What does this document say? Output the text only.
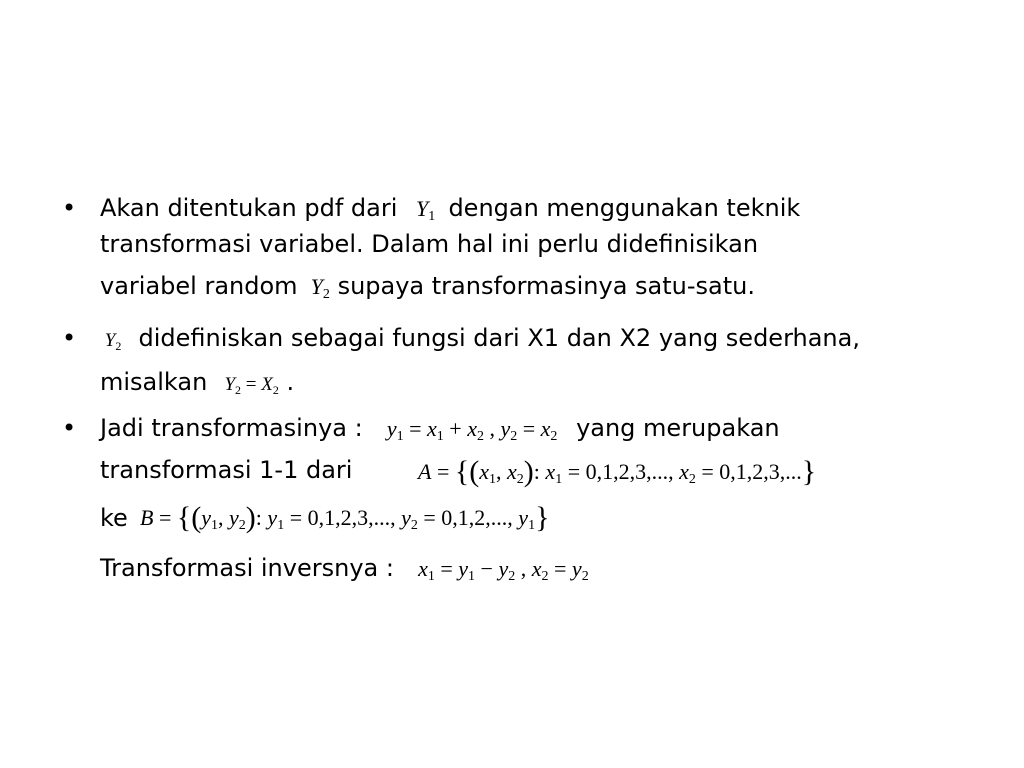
• Akan ditentukan pdf dari $Y_1$ dengan menggunakan teknik
transformasi variabel. Dalam hal ini perlu didefinisikan
variabel random $Y_2$ supaya transformasinya satu-satu.
• $Y_2$ didefiniskan sebagai fungsi dari X1 dan X2 yang sederhana,
misalkan $Y_2 = X_2$ .
• Jadi transformasinya : $y_1 = x_1 + x_2$ , $y_2 = x_2$ yang merupakan
transformasi 1-1 dari	$A = \{(x_1$, $x_2$): $x_1 = 0,1,2,3$,..., $x_2 = 0,1,2,3$,...}
ke $B = \{(y_1$, $y_2$): $y_1 = 0,1,2,3$,..., $y_2 = 0,1,2$,..., $y_1$}
Transformasi inversnya : $x_1 = y_1 - y_2$ , $x_2 = y_2$
